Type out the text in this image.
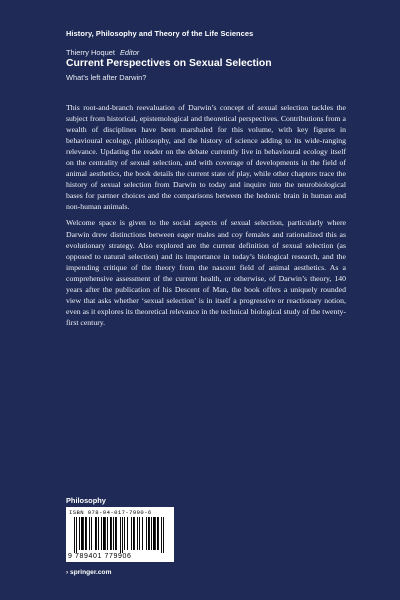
History, Philosophy and Theory of the Life Sciences
Thierry Hoquet Editor
Current Perspectives on Sexual Selection
What’s left after Darwin?

This root-and-branch reevaluation of Darwin’s concept of sexual selection tackles the subject from historical, epistemological and theoretical perspectives. Contributions from a wealth of disciplines have been marshaled for this volume, with key figures in behavioural ecology, philosophy, and the history of science adding to its wide-ranging relevance. Updating the reader on the debate currently live in behavioural ecology itself on the centrality of sexual selection, and with coverage of developments in the field of animal aesthetics, the book details the current state of play, while other chapters trace the history of sexual selection from Darwin to today and inquire into the neurobiological bases for partner choices and the comparisons between the hedonic brain in human and non-human animals.

Welcome space is given to the social aspects of sexual selection, particularly where Darwin drew distinctions between eager males and coy females and rationalized this as evolutionary strategy. Also explored are the current definition of sexual selection (as opposed to natural selection) and its importance in today’s biological research, and the impending critique of the theory from the nascent field of animal aesthetics. As a comprehensive assessment of the current health, or otherwise, of Darwin’s theory, 140 years after the publication of his Descent of Man, the book offers a uniquely rounded view that asks whether ‘sexual selection’ is in itself a progressive or reactionary notion, even as it explores its theoretical relevance in the technical biological study of the twenty-first century.

Philosophy
ISBN 978-94-017-7990-6
9 789401 779906
› springer.com
